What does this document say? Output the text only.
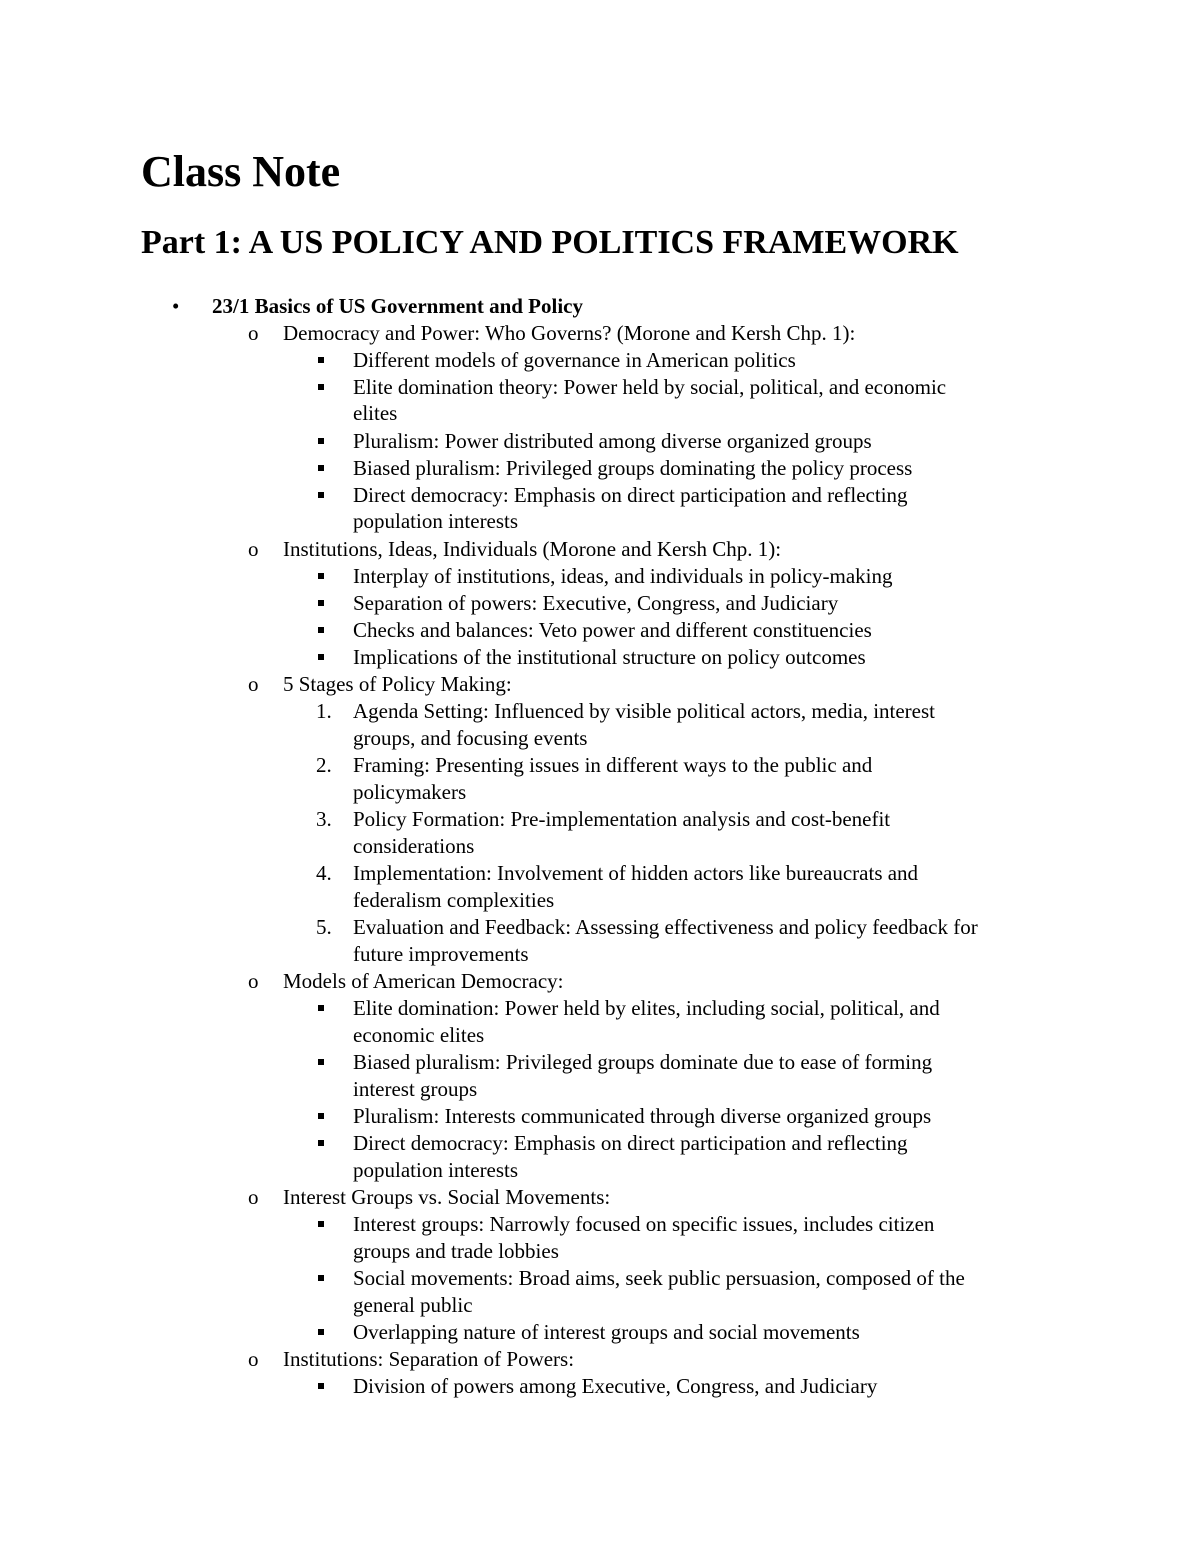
Class Note
Part 1: A US POLICY AND POLITICS FRAMEWORK
• 23/1 Basics of US Government and Policy
o Democracy and Power: Who Governs? (Morone and Kersh Chp. 1):
Different models of governance in American politics
Elite domination theory: Power held by social, political, and economic
elites
Pluralism: Power distributed among diverse organized groups
Biased pluralism: Privileged groups dominating the policy process
Direct democracy: Emphasis on direct participation and reflecting
population interests
o Institutions, Ideas, Individuals (Morone and Kersh Chp. 1):
Interplay of institutions, ideas, and individuals in policy-making
Separation of powers: Executive, Congress, and Judiciary
Checks and balances: Veto power and different constituencies
Implications of the institutional structure on policy outcomes
o 5 Stages of Policy Making:
1. Agenda Setting: Influenced by visible political actors, media, interest
groups, and focusing events
2. Framing: Presenting issues in different ways to the public and
policymakers
3. Policy Formation: Pre-implementation analysis and cost-benefit
considerations
4. Implementation: Involvement of hidden actors like bureaucrats and
federalism complexities
5. Evaluation and Feedback: Assessing effectiveness and policy feedback for
future improvements
o Models of American Democracy:
Elite domination: Power held by elites, including social, political, and
economic elites
Biased pluralism: Privileged groups dominate due to ease of forming
interest groups
Pluralism: Interests communicated through diverse organized groups
Direct democracy: Emphasis on direct participation and reflecting
population interests
o Interest Groups vs. Social Movements:
Interest groups: Narrowly focused on specific issues, includes citizen
groups and trade lobbies
Social movements: Broad aims, seek public persuasion, composed of the
general public
Overlapping nature of interest groups and social movements
o Institutions: Separation of Powers:
Division of powers among Executive, Congress, and Judiciary
